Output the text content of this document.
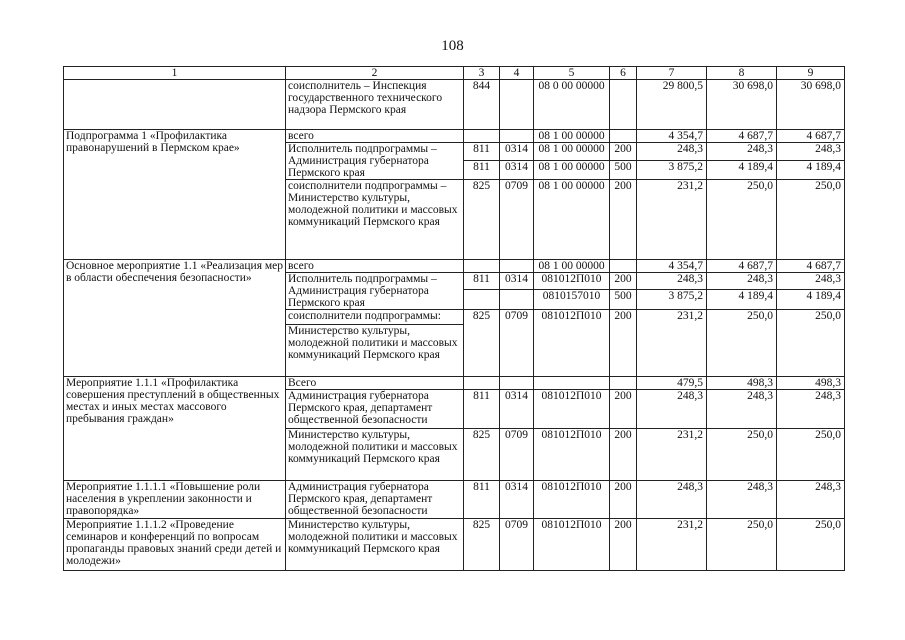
108
1	2	3	4	5	6	7	8	9
	соисполнитель – Инспекция государственного технического надзора Пермского края	844		08 0 00 00000		29 800,5	30 698,0	30 698,0
Подпрограмма 1 «Профилактика правонарушений в Пермском крае»	всего			08 1 00 00000		4 354,7	4 687,7	4 687,7
	Исполнитель подпрограммы – Администрация губернатора Пермского края	811	0314	08 1 00 00000	200	248,3	248,3	248,3
		811	0314	08 1 00 00000	500	3 875,2	4 189,4	4 189,4
	соисполнители подпрограммы – Министерство культуры, молодежной политики и массовых коммуникаций Пермского края	825	0709	08 1 00 00000	200	231,2	250,0	250,0
Основное мероприятие 1.1 «Реализация мер в области обеспечения безопасности»	всего			08 1 00 00000		4 354,7	4 687,7	4 687,7
	Исполнитель подпрограммы – Администрация губернатора Пермского края	811	0314	081012П010	200	248,3	248,3	248,3
				0810157010	500	3 875,2	4 189,4	4 189,4
	соисполнители подпрограммы:	825	0709	081012П010	200	231,2	250,0	250,0
	Министерство культуры, молодежной политики и массовых коммуникаций Пермского края							
Мероприятие 1.1.1 «Профилактика совершения преступлений в общественных местах и иных местах массового пребывания граждан»	Всего					479,5	498,3	498,3
	Администрация губернатора Пермского края, департамент общественной безопасности	811	0314	081012П010	200	248,3	248,3	248,3
	Министерство культуры, молодежной политики и массовых коммуникаций Пермского края	825	0709	081012П010	200	231,2	250,0	250,0
Мероприятие 1.1.1.1 «Повышение роли населения в укреплении законности и правопорядка»	Администрация губернатора Пермского края, департамент общественной безопасности	811	0314	081012П010	200	248,3	248,3	248,3
Мероприятие 1.1.1.2 «Проведение семинаров и конференций по вопросам пропаганды правовых знаний среди детей и молодежи»	Министерство культуры, молодежной политики и массовых коммуникаций Пермского края	825	0709	081012П010	200	231,2	250,0	250,0
